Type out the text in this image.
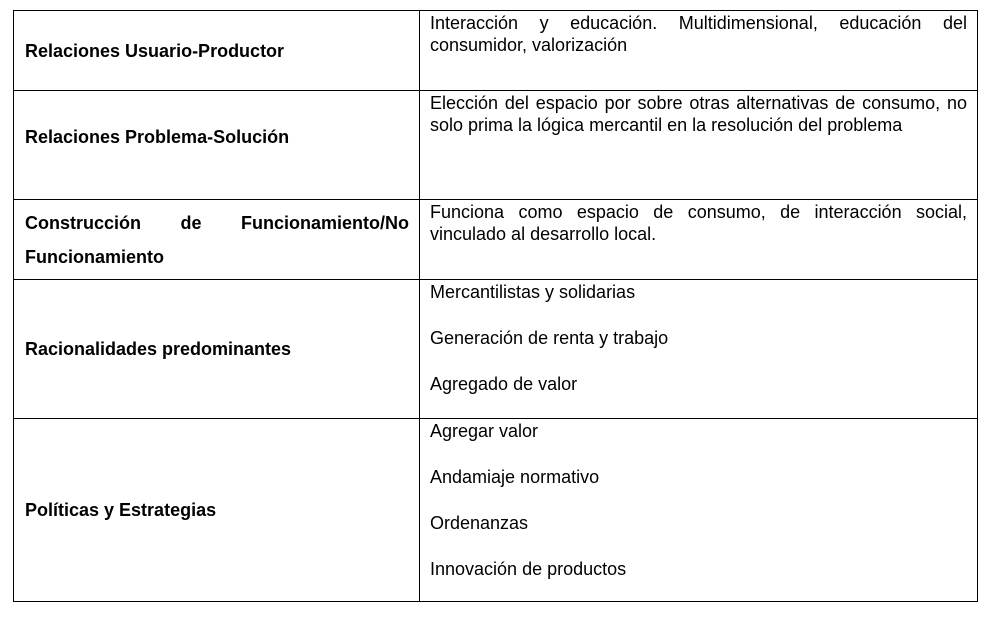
Relaciones Usuario-Productor	Interacción y educación. Multidimensional, educación del consumidor, valorización

Relaciones Problema-Solución	Elección del espacio por sobre otras alternativas de consumo, no solo prima la lógica mercantil en la resolución del problema

Construcción de Funcionamiento/No Funcionamiento	Funciona como espacio de consumo, de interacción social, vinculado al desarrollo local.

Racionalidades predominantes	Mercantilistas y solidarias
Generación de renta y trabajo
Agregado de valor

Políticas y Estrategias	Agregar valor
Andamiaje normativo
Ordenanzas
Innovación de productos
